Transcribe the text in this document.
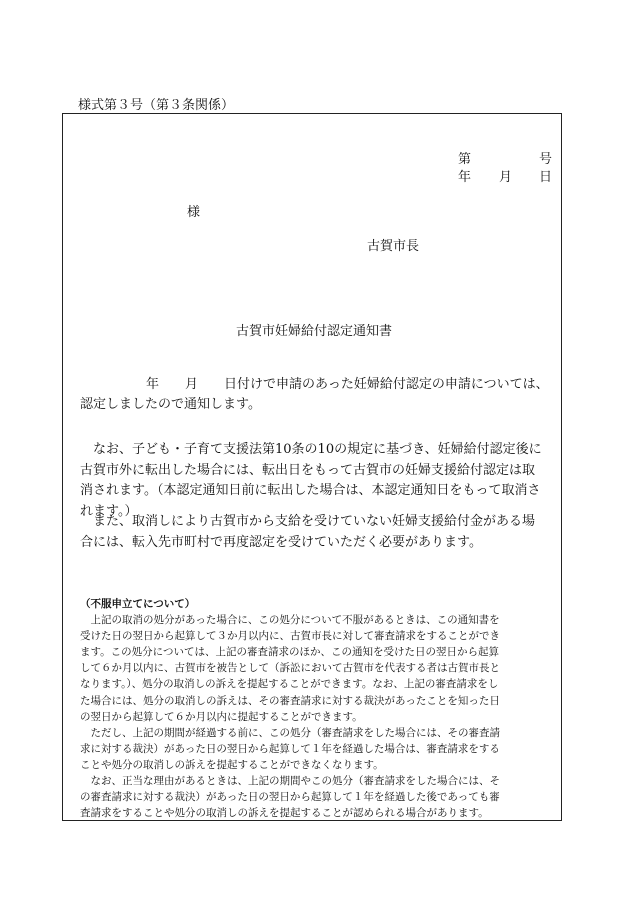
様式第３号（第３条関係）
第	号
年 月 日
様
古賀市長
古賀市妊婦給付認定通知書
年　　月　　日付けで申請のあった妊婦給付認定の申請については、
認定しましたので通知します。

なお、子ども・子育て支援法第10条の10の規定に基づき、妊婦給付認定後に

古賀市外に転出した場合には、転出日をもって古賀市の妊婦支援給付認定は取

消されます。（本認定通知日前に転出した場合は、本認定通知日をもって取消さ

れます。）

また、取消しにより古賀市から支給を受けていない妊婦支援給付金がある場

合には、転入先市町村で再度認定を受けていただく必要があります。

（不服申立てについて）

上記の取消の処分があった場合に、この処分について不服があるときは、この通知書を

受けた日の翌日から起算して３か月以内に、古賀市長に対して審査請求をすることができ

ます。この処分については、上記の審査請求のほか、この通知を受けた日の翌日から起算

して６か月以内に、古賀市を被告として（訴訟において古賀市を代表する者は古賀市長と

なります。）、処分の取消しの訴えを提起することができます。なお、上記の審査請求をし

た場合には、処分の取消しの訴えは、その審査請求に対する裁決があったことを知った日

の翌日から起算して６か月以内に提起することができます。

ただし、上記の期間が経過する前に、この処分（審査請求をした場合には、その審査請

求に対する裁決）があった日の翌日から起算して１年を経過した場合は、審査請求をする

ことや処分の取消しの訴えを提起することができなくなります。

なお、正当な理由があるときは、上記の期間やこの処分（審査請求をした場合には、そ

の審査請求に対する裁決）があった日の翌日から起算して１年を経過した後であっても審

査請求をすることや処分の取消しの訴えを提起することが認められる場合があります。
